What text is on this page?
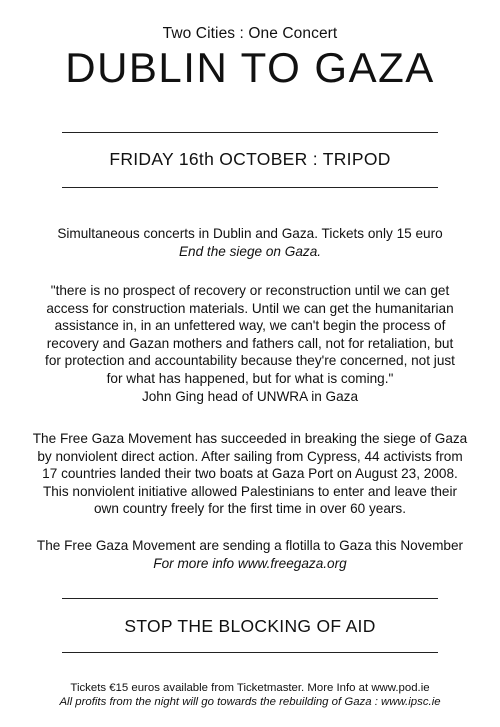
Two Cities : One Concert
DUBLIN TO GAZA
FRIDAY 16th OCTOBER : TRIPOD
Simultaneous concerts in Dublin and Gaza. Tickets only 15 euro
End the siege on Gaza.
"there is no prospect of recovery or reconstruction until we can get
access for construction materials. Until we can get the humanitarian
assistance in, in an unfettered way, we can't begin the process of
recovery and Gazan mothers and fathers call, not for retaliation, but
for protection and accountability because they're concerned, not just
for what has happened, but for what is coming."
John Ging head of UNWRA in Gaza
The Free Gaza Movement has succeeded in breaking the siege of Gaza
by nonviolent direct action. After sailing from Cypress, 44 activists from
17 countries landed their two boats at Gaza Port on August 23, 2008.
This nonviolent initiative allowed Palestinians to enter and leave their
own country freely for the first time in over 60 years.
The Free Gaza Movement are sending a flotilla to Gaza this November
For more info www.freegaza.org
STOP THE BLOCKING OF AID
Tickets €15 euros available from Ticketmaster. More Info at www.pod.ie
All profits from the night will go towards the rebuilding of Gaza : www.ipsc.ie
